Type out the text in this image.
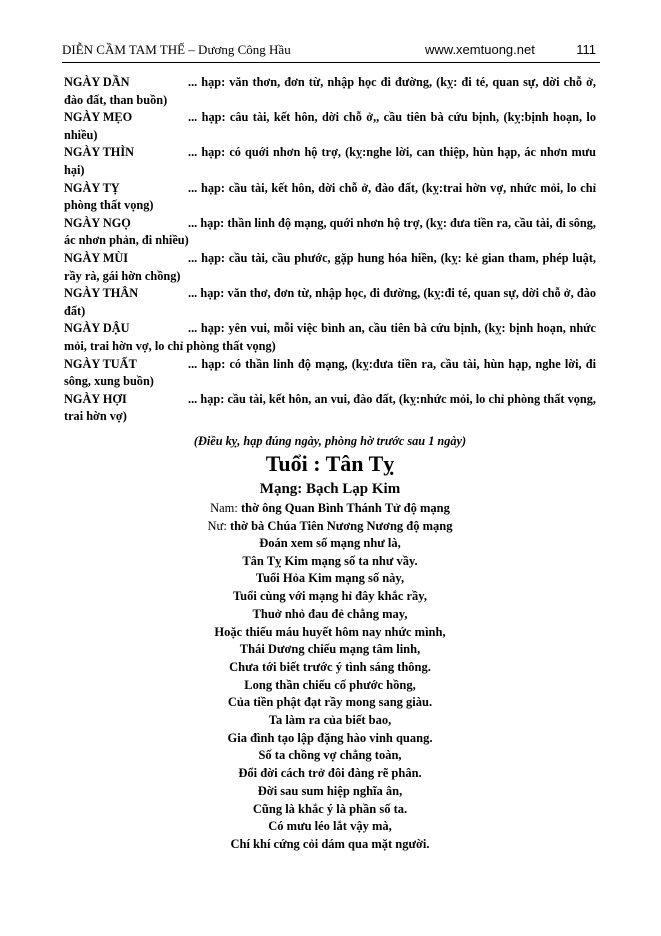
DIỄN CẦM TAM THẾ – Dương Công Hầu	www.xemtuong.net	111

NGÀY DẦN	... hạp: văn thơn, đơn từ, nhập học đi đường, (kỵ: đi té, quan sự, dời chỗ ở, đào đất, than buồn)

NGÀY MẸO	... hạp: câu tài, kết hôn, dời chỗ ở,, cầu tiên bà cứu bịnh, (kỵ:bịnh hoạn, lo nhiều)

NGÀY THÌN	... hạp: có quới nhơn hộ trợ, (kỵ:nghe lời, can thiệp, hùn hạp, ác nhơn mưu hại)

NGÀY TỴ	... hạp: cầu tài, kết hôn, dời chỗ ở, đào đất, (kỵ:trai hờn vợ, nhức mỏi, lo chỉ phòng thất vọng)

NGÀY NGỌ	... hạp: thần linh độ mạng, quới nhơn hộ trợ, (kỵ: đưa tiền ra, cầu tài, đi sông, ác nhơn phản, đi nhiều)

NGÀY MÙI	... hạp: cầu tài, cầu phước, gặp hung hóa hiền, (kỵ: kẻ gian tham, phép luật, rầy rà, gái hờn chồng)

NGÀY THÂN	... hạp: văn thơ, đơn từ, nhập học, đi đường, (kỵ:đi té, quan sự, dời chỗ ở, đào đất)

NGÀY DẬU	... hạp: yên vui, mỗi việc bình an, cầu tiên bà cứu bịnh, (kỵ: bịnh hoạn, nhức mỏi, trai hờn vợ, lo chỉ phòng thất vọng)

NGÀY TUẤT	... hạp: có thần linh độ mạng, (kỵ:đưa tiền ra, cầu tài, hùn hạp, nghe lời, đi sông, xung buồn)

NGÀY HỢI	... hạp: cầu tài, kết hôn, an vui, đào đất, (kỵ:nhức mỏi, lo chỉ phòng thất vọng, trai hờn vợ)

(Điều kỵ, hạp đúng ngày, phòng hờ trước sau 1 ngày)
Tuổi : Tân Tỵ
Mạng: Bạch Lạp Kim
Nam: thờ ông Quan Bình Thánh Tử độ mạng
Nư: thờ bà Chúa Tiên Nương Nương độ mạng
Đoán xem số mạng như là,
Tân Tỵ Kim mạng số ta như vầy.
Tuổi Hỏa Kim mạng số này,
Tuổi cùng với mạng hỉ đây khắc rầy,
Thuở nhỏ đau đẻ chẳng may,
Hoặc thiếu máu huyết hôm nay nhức mình,
Thái Dương chiếu mạng tâm linh,
Chưa tới biết trước ý tình sáng thông.
Long thần chiếu cố phước hồng,
Của tiền phật đạt rầy mong sang giàu.
Ta làm ra của biết bao,
Gia đình tạo lập đặng hào vinh quang.
Số ta chồng vợ chẳng toàn,
Đổi đời cách trở đôi đàng rẽ phân.
Đời sau sum hiệp nghĩa ân,
Cũng là khắc ý là phần số ta.
Có mưu léo lắt vậy mà,
Chí khí cứng cỏi dám qua mặt người.
